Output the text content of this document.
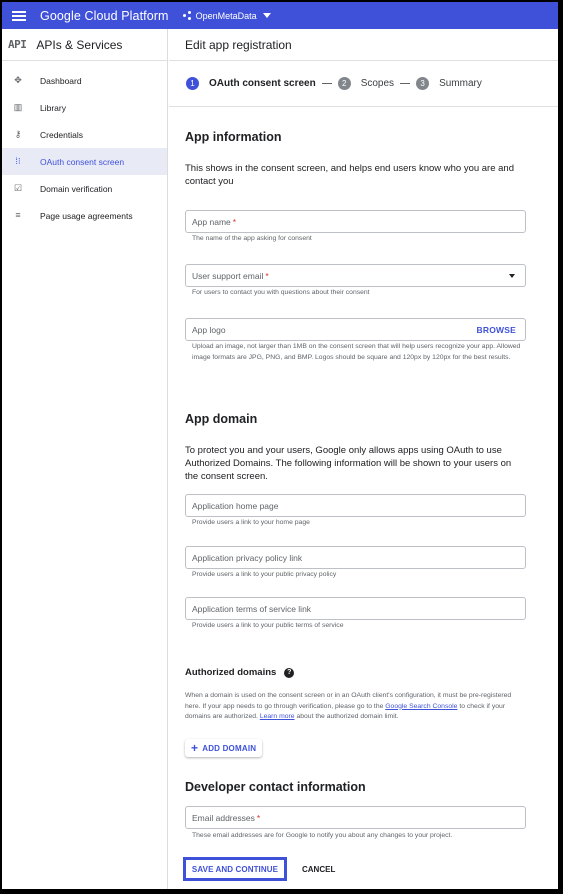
Google Cloud Platform	OpenMetaData
API APIs & Services
✥ Dashboard
▥ Library
⚷ Credentials
⁞⁝ OAuth consent screen
☑ Domain verification
≡ Page usage agreements
Edit app registration
1	OAuth consent screen	2	Scopes	3	Summary
App information
This shows in the consent screen, and helps end users know who you are and contact you
App name *
The name of the app asking for consent
User support email *
For users to contact you with questions about their consent
App logo	BROWSE
Upload an image, not larger than 1MB on the consent screen that will help users recognize your app. Allowed image formats are JPG, PNG, and BMP. Logos should be square and 120px by 120px for the best results.
App domain
To protect you and your users, Google only allows apps using OAuth to use Authorized Domains. The following information will be shown to your users on the consent screen.
Application home page
Provide users a link to your home page
Application privacy policy link
Provide users a link to your public privacy policy
Application terms of service link
Provide users a link to your public terms of service
Authorized domains	?
When a domain is used on the consent screen or in an OAuth client's configuration, it must be pre-registered here. If your app needs to go through verification, please go to the Google Search Console to check if your domains are authorized. Learn more about the authorized domain limit.
+ ADD DOMAIN
Developer contact information
Email addresses *
These email addresses are for Google to notify you about any changes to your project.
SAVE AND CONTINUE	CANCEL
